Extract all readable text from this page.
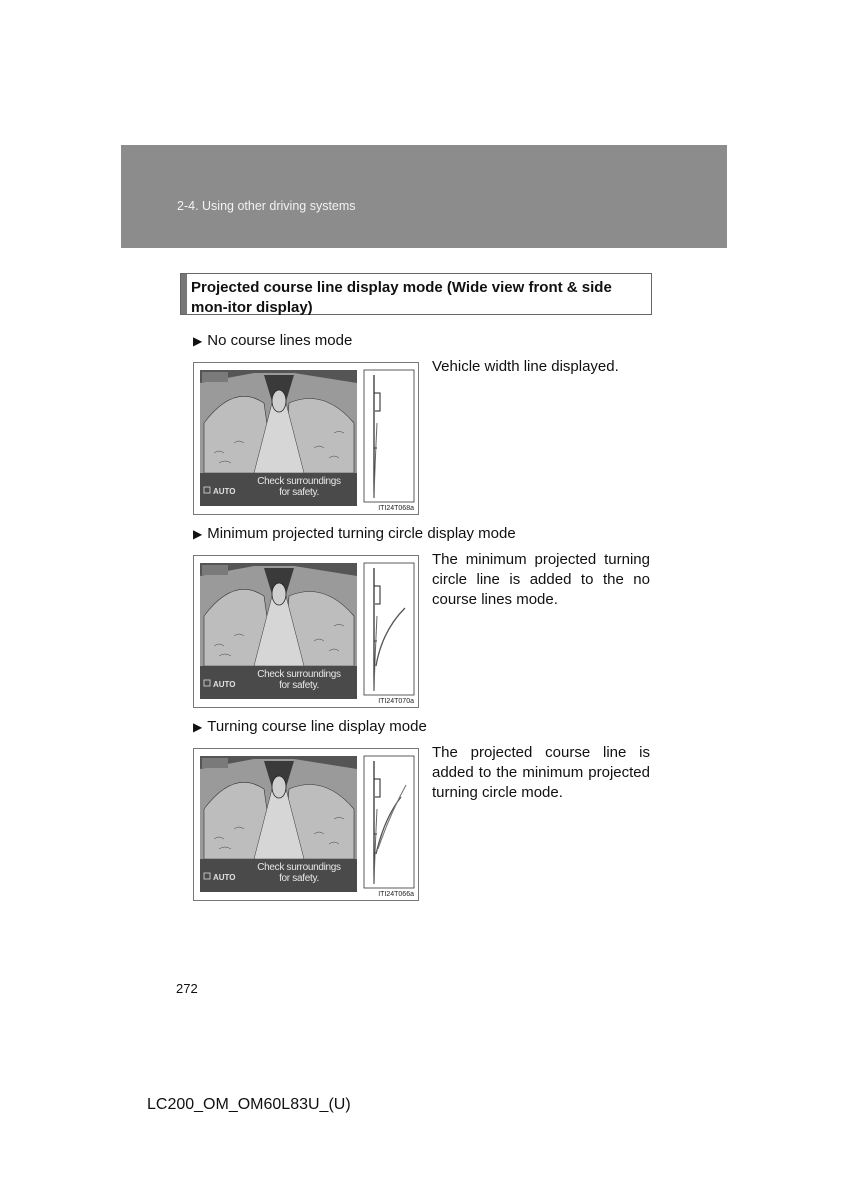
2-4. Using other driving systems
Projected course line display mode (Wide view front & side mon-itor display)
▶ No course lines mode
Check surroundings
for safety.
AUTO
ITI24T068a
Vehicle width line displayed.
▶ Minimum projected turning circle display mode
Check surroundings
for safety.
AUTO
ITI24T070a
The minimum projected turning circle line is added to the no course lines mode.
▶ Turning course line display mode
Check surroundings
for safety.
AUTO
ITI24T066a
The projected course line is added to the minimum projected turning circle mode.
272
LC200_OM_OM60L83U_(U)
